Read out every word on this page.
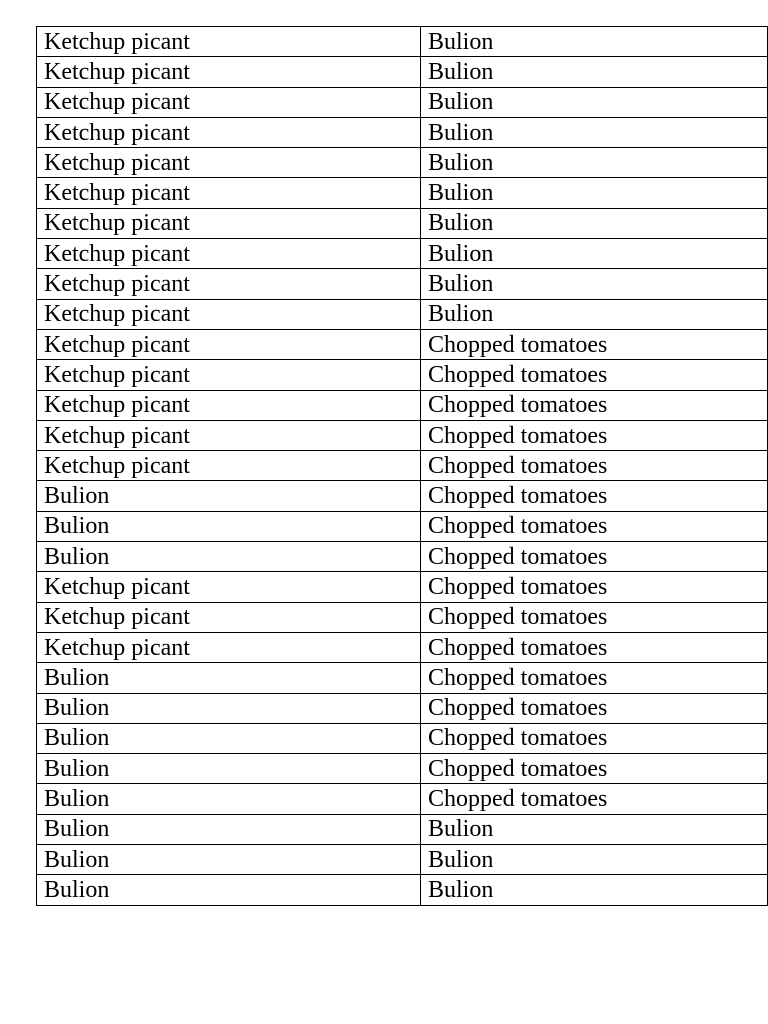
Ketchup picant	Bulion
Ketchup picant	Bulion
Ketchup picant	Bulion
Ketchup picant	Bulion
Ketchup picant	Bulion
Ketchup picant	Bulion
Ketchup picant	Bulion
Ketchup picant	Bulion
Ketchup picant	Bulion
Ketchup picant	Bulion
Ketchup picant	Chopped tomatoes
Ketchup picant	Chopped tomatoes
Ketchup picant	Chopped tomatoes
Ketchup picant	Chopped tomatoes
Ketchup picant	Chopped tomatoes
Bulion	Chopped tomatoes
Bulion	Chopped tomatoes
Bulion	Chopped tomatoes
Ketchup picant	Chopped tomatoes
Ketchup picant	Chopped tomatoes
Ketchup picant	Chopped tomatoes
Bulion	Chopped tomatoes
Bulion	Chopped tomatoes
Bulion	Chopped tomatoes
Bulion	Chopped tomatoes
Bulion	Chopped tomatoes
Bulion	Bulion
Bulion	Bulion
Bulion	Bulion
